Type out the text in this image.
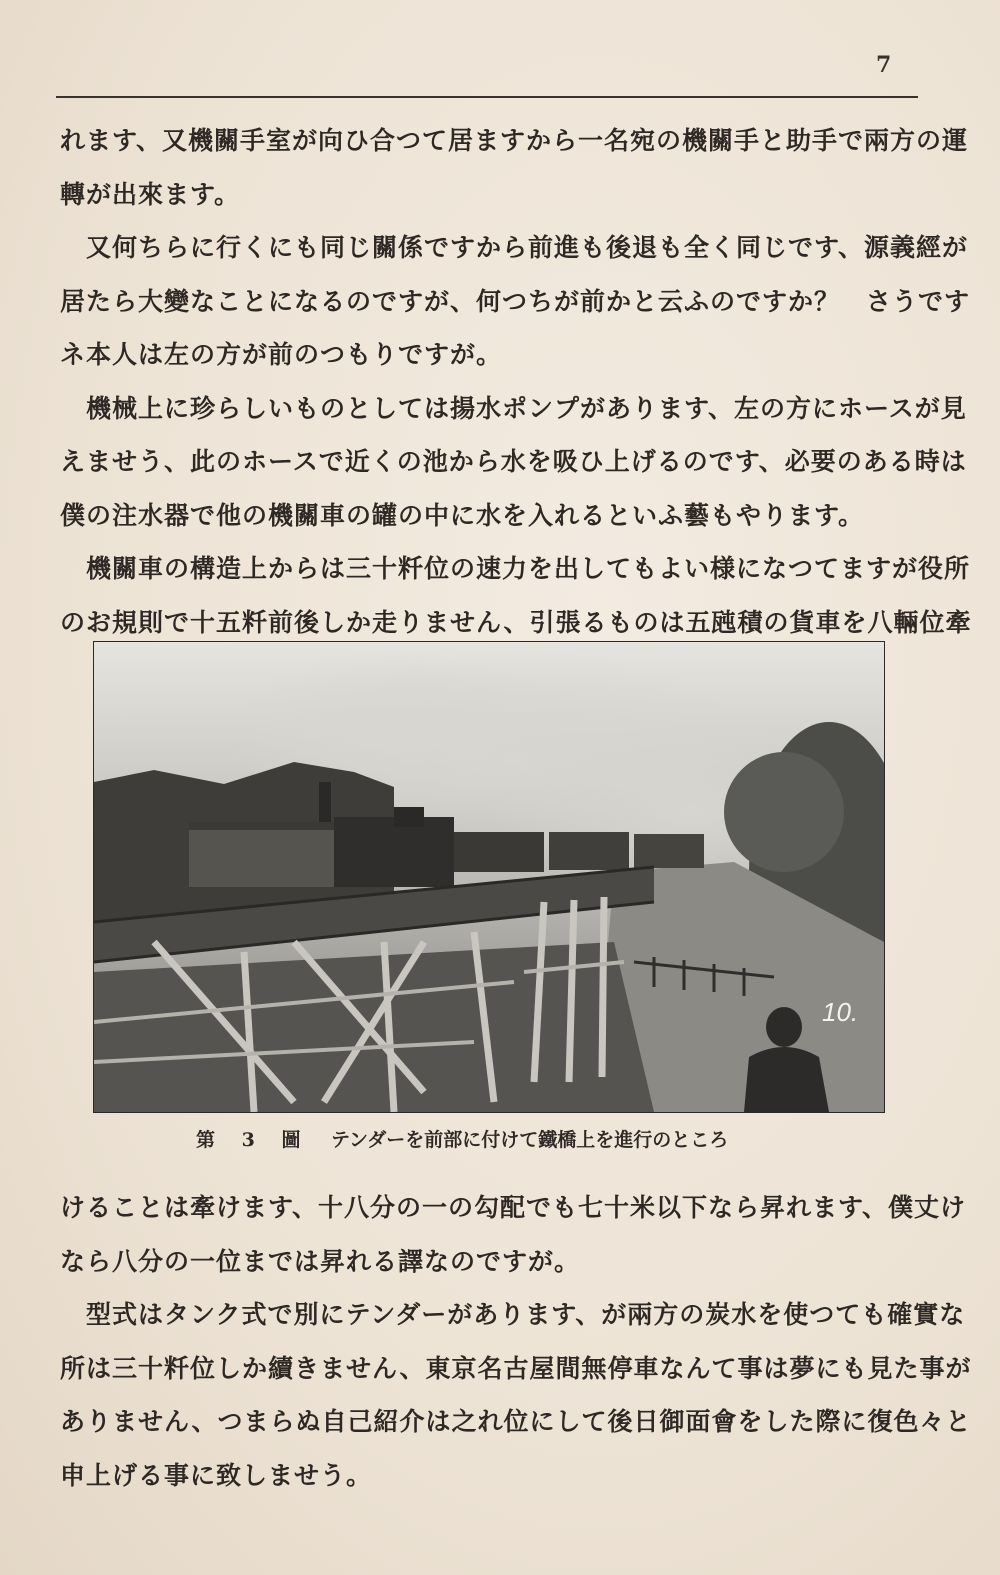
7

れます、又機關手室が向ひ合つて居ますから一名宛の機關手と助手で兩方の運

轉が出來ます。

又何ちらに行くにも同じ關係ですから前進も後退も全く同じです、源義經が

居たら大變なことになるのですが、何つちが前かと云ふのですか？　さうです

ネ本人は左の方が前のつもりですが。

機械上に珍らしいものとしては揚水ポンプがあります、左の方にホースが見

えませう、此のホースで近くの池から水を吸ひ上げるのです、必要のある時は

僕の注水器で他の機關車の罐の中に水を入れるといふ藝もやります。

機關車の構造上からは三十粁位の速力を出してもよい様になつてますが役所

のお規則で十五粁前後しか走りません、引張るものは五瓲積の貨車を八輛位牽

10.
第 3 圖 テンダーを前部に付けて鐵橋上を進行のところ

けることは牽けます、十八分の一の勾配でも七十米以下なら昇れます、僕丈け

なら八分の一位までは昇れる譯なのですが。

型式はタンク式で別にテンダーがあります、が兩方の炭水を使つても確實な

所は三十粁位しか續きません、東京名古屋間無停車なんて事は夢にも見た事が

ありません、つまらぬ自己紹介は之れ位にして後日御面會をした際に復色々と

申上げる事に致しませう。
